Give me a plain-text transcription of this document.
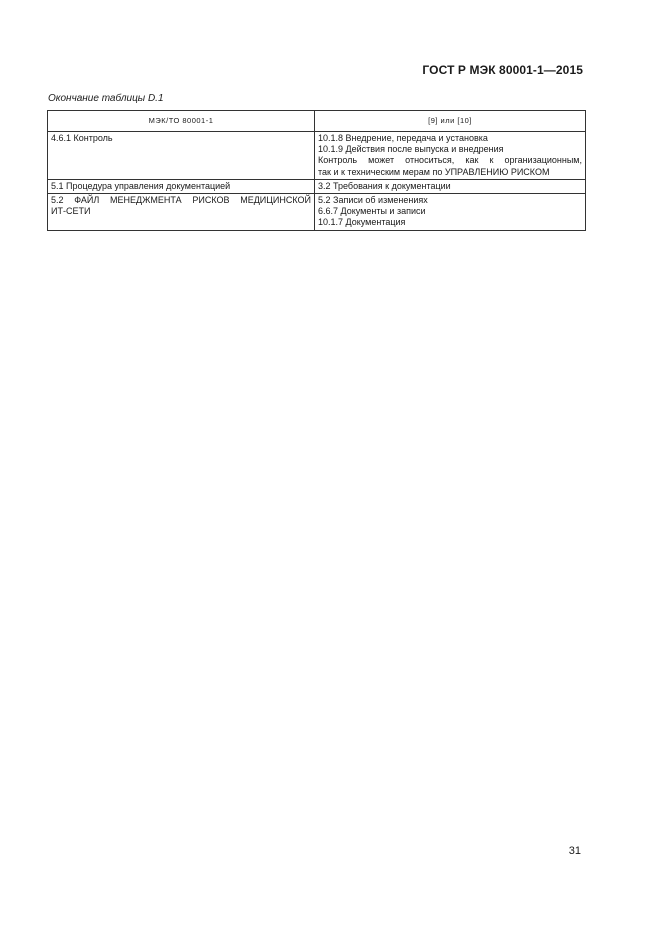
ГОСТ Р МЭК 80001-1—2015
Окончание таблицы D.1
МЭК/ТО 80001-1	[9] или [10]

4.6.1 Контроль	10.1.8 Внедрение, передача и установка
10.1.9 Действия после выпуска и внедрения
Контроль может относиться, как к организационным,
так и к техническим мерам по УПРАВЛЕНИЮ РИСКОМ

5.1 Процедура управления документацией	3.2 Требования к документации

5.2 ФАЙЛ МЕНЕДЖМЕНТА РИСКОВ МЕДИЦИНСКОЙ
ИТ-СЕТИ	5.2 Записи об изменениях
6.6.7 Документы и записи
10.1.7 Документация
31
